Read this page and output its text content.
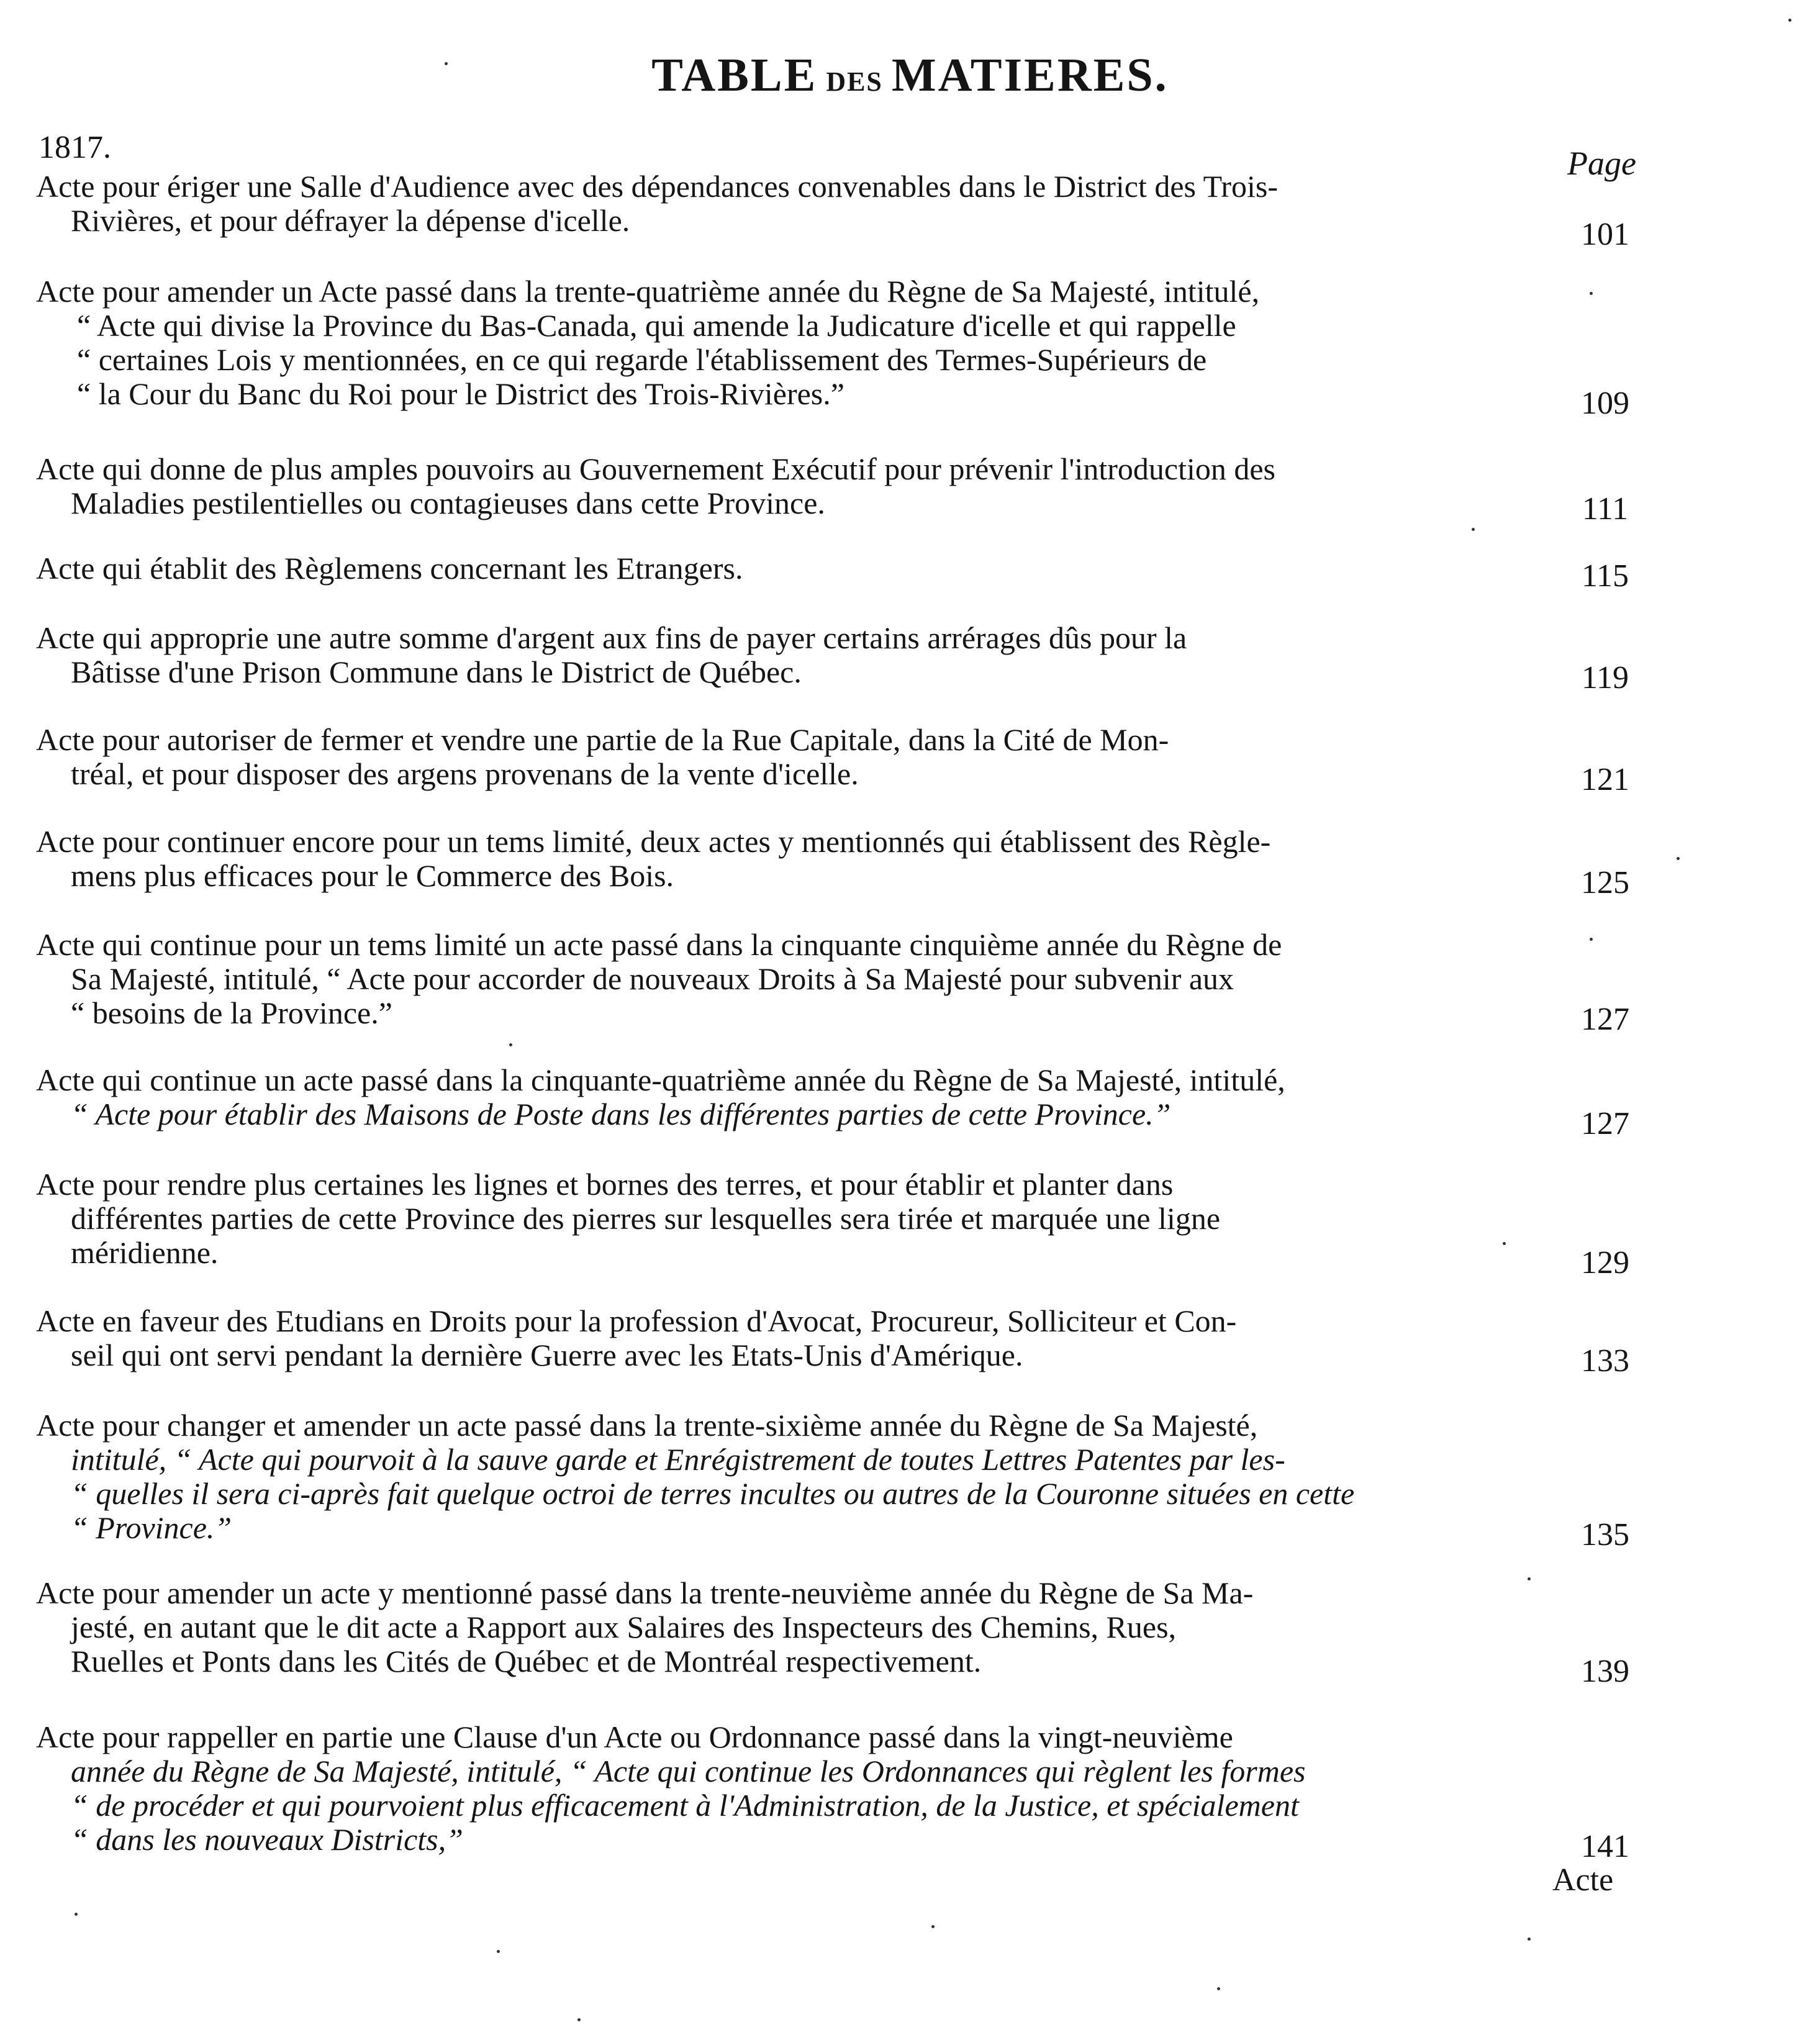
TABLE DES MATIERES.
1817.	Page
Acte pour ériger une Salle d'Audience avec des dépendances convenables dans le District des Trois-
Rivières, et pour défrayer la dépense d'icelle.	101
Acte pour amender un Acte passé dans la trente-quatrième année du Règne de Sa Majesté, intitulé,
“ Acte qui divise la Province du Bas-Canada, qui amende la Judicature d'icelle et qui rappelle
“ certaines Lois y mentionnées, en ce qui regarde l'établissement des Termes-Supérieurs de
“ la Cour du Banc du Roi pour le District des Trois-Rivières.”	109
Acte qui donne de plus amples pouvoirs au Gouvernement Exécutif pour prévenir l'introduction des
Maladies pestilentielles ou contagieuses dans cette Province.	111
Acte qui établit des Règlemens concernant les Etrangers.	115
Acte qui approprie une autre somme d'argent aux fins de payer certains arrérages dûs pour la
Bâtisse d'une Prison Commune dans le District de Québec.	119
Acte pour autoriser de fermer et vendre une partie de la Rue Capitale, dans la Cité de Mon-
tréal, et pour disposer des argens provenans de la vente d'icelle.	121
Acte pour continuer encore pour un tems limité, deux actes y mentionnés qui établissent des Règle-
mens plus efficaces pour le Commerce des Bois.	125
Acte qui continue pour un tems limité un acte passé dans la cinquante cinquième année du Règne de
Sa Majesté, intitulé, “ Acte pour accorder de nouveaux Droits à Sa Majesté pour subvenir aux
“ besoins de la Province.”	127
Acte qui continue un acte passé dans la cinquante-quatrième année du Règne de Sa Majesté, intitulé,
“ Acte pour établir des Maisons de Poste dans les différentes parties de cette Province.”	127
Acte pour rendre plus certaines les lignes et bornes des terres, et pour établir et planter dans
différentes parties de cette Province des pierres sur lesquelles sera tirée et marquée une ligne
méridienne.	129
Acte en faveur des Etudians en Droits pour la profession d'Avocat, Procureur, Solliciteur et Con-
seil qui ont servi pendant la dernière Guerre avec les Etats-Unis d'Amérique.	133
Acte pour changer et amender un acte passé dans la trente-sixième année du Règne de Sa Majesté,
intitulé, “ Acte qui pourvoit à la sauve garde et Enrégistrement de toutes Lettres Patentes par les-
“ quelles il sera ci-après fait quelque octroi de terres incultes ou autres de la Couronne situées en cette
“ Province.”	135
Acte pour amender un acte y mentionné passé dans la trente-neuvième année du Règne de Sa Ma-
jesté, en autant que le dit acte a Rapport aux Salaires des Inspecteurs des Chemins, Rues,
Ruelles et Ponts dans les Cités de Québec et de Montréal respectivement.	139
Acte pour rappeller en partie une Clause d'un Acte ou Ordonnance passé dans la vingt-neuvième
année du Règne de Sa Majesté, intitulé, “ Acte qui continue les Ordonnances qui règlent les formes
“ de procéder et qui pourvoient plus efficacement à l'Administration, de la Justice, et spécialement
“ dans les nouveaux Districts,”	141
Acte
